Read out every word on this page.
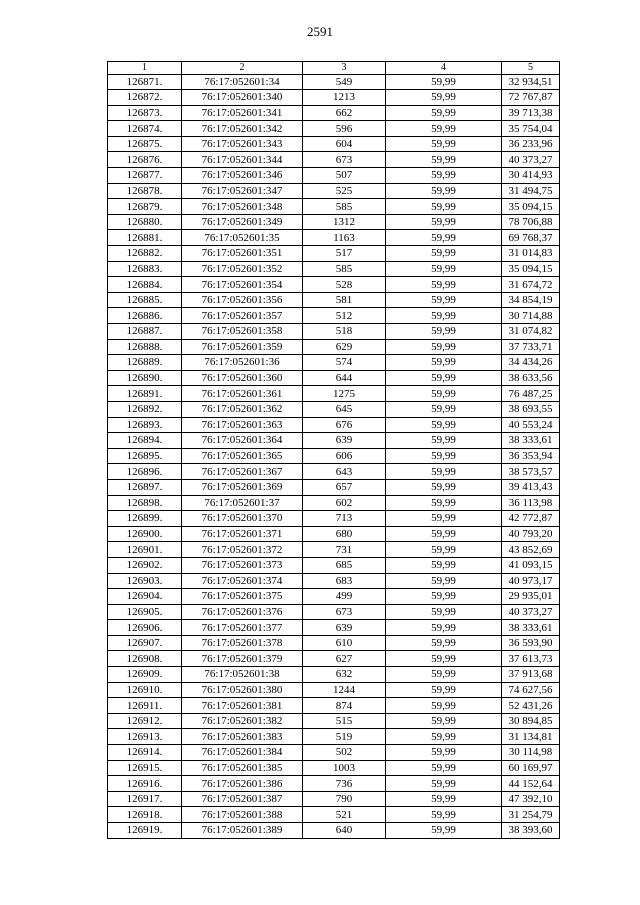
2591
1	2	3	4	5
126871.	76:17:052601:34	549	59,99	32 934,51
126872.	76:17:052601:340	1213	59,99	72 767,87
126873.	76:17:052601:341	662	59,99	39 713,38
126874.	76:17:052601:342	596	59,99	35 754,04
126875.	76:17:052601:343	604	59,99	36 233,96
126876.	76:17:052601:344	673	59,99	40 373,27
126877.	76:17:052601:346	507	59,99	30 414,93
126878.	76:17:052601:347	525	59,99	31 494,75
126879.	76:17:052601:348	585	59,99	35 094,15
126880.	76:17:052601:349	1312	59,99	78 706,88
126881.	76:17:052601:35	1163	59,99	69 768,37
126882.	76:17:052601:351	517	59,99	31 014,83
126883.	76:17:052601:352	585	59,99	35 094,15
126884.	76:17:052601:354	528	59,99	31 674,72
126885.	76:17:052601:356	581	59,99	34 854,19
126886.	76:17:052601:357	512	59,99	30 714,88
126887.	76:17:052601:358	518	59,99	31 074,82
126888.	76:17:052601:359	629	59,99	37 733,71
126889.	76:17:052601:36	574	59,99	34 434,26
126890.	76:17:052601:360	644	59,99	38 633,56
126891.	76:17:052601:361	1275	59,99	76 487,25
126892.	76:17:052601:362	645	59,99	38 693,55
126893.	76:17:052601:363	676	59,99	40 553,24
126894.	76:17:052601:364	639	59,99	38 333,61
126895.	76:17:052601:365	606	59,99	36 353,94
126896.	76:17:052601:367	643	59,99	38 573,57
126897.	76:17:052601:369	657	59,99	39 413,43
126898.	76:17:052601:37	602	59,99	36 113,98
126899.	76:17:052601:370	713	59,99	42 772,87
126900.	76:17:052601:371	680	59,99	40 793,20
126901.	76:17:052601:372	731	59,99	43 852,69
126902.	76:17:052601:373	685	59,99	41 093,15
126903.	76:17:052601:374	683	59,99	40 973,17
126904.	76:17:052601:375	499	59,99	29 935,01
126905.	76:17:052601:376	673	59,99	40 373,27
126906.	76:17:052601:377	639	59,99	38 333,61
126907.	76:17:052601:378	610	59,99	36 593,90
126908.	76:17:052601:379	627	59,99	37 613,73
126909.	76:17:052601:38	632	59,99	37 913,68
126910.	76:17:052601:380	1244	59,99	74 627,56
126911.	76:17:052601:381	874	59,99	52 431,26
126912.	76:17:052601:382	515	59,99	30 894,85
126913.	76:17:052601:383	519	59,99	31 134,81
126914.	76:17:052601:384	502	59,99	30 114,98
126915.	76:17:052601:385	1003	59,99	60 169,97
126916.	76:17:052601:386	736	59,99	44 152,64
126917.	76:17:052601:387	790	59,99	47 392,10
126918.	76:17:052601:388	521	59,99	31 254,79
126919.	76:17:052601:389	640	59,99	38 393,60
